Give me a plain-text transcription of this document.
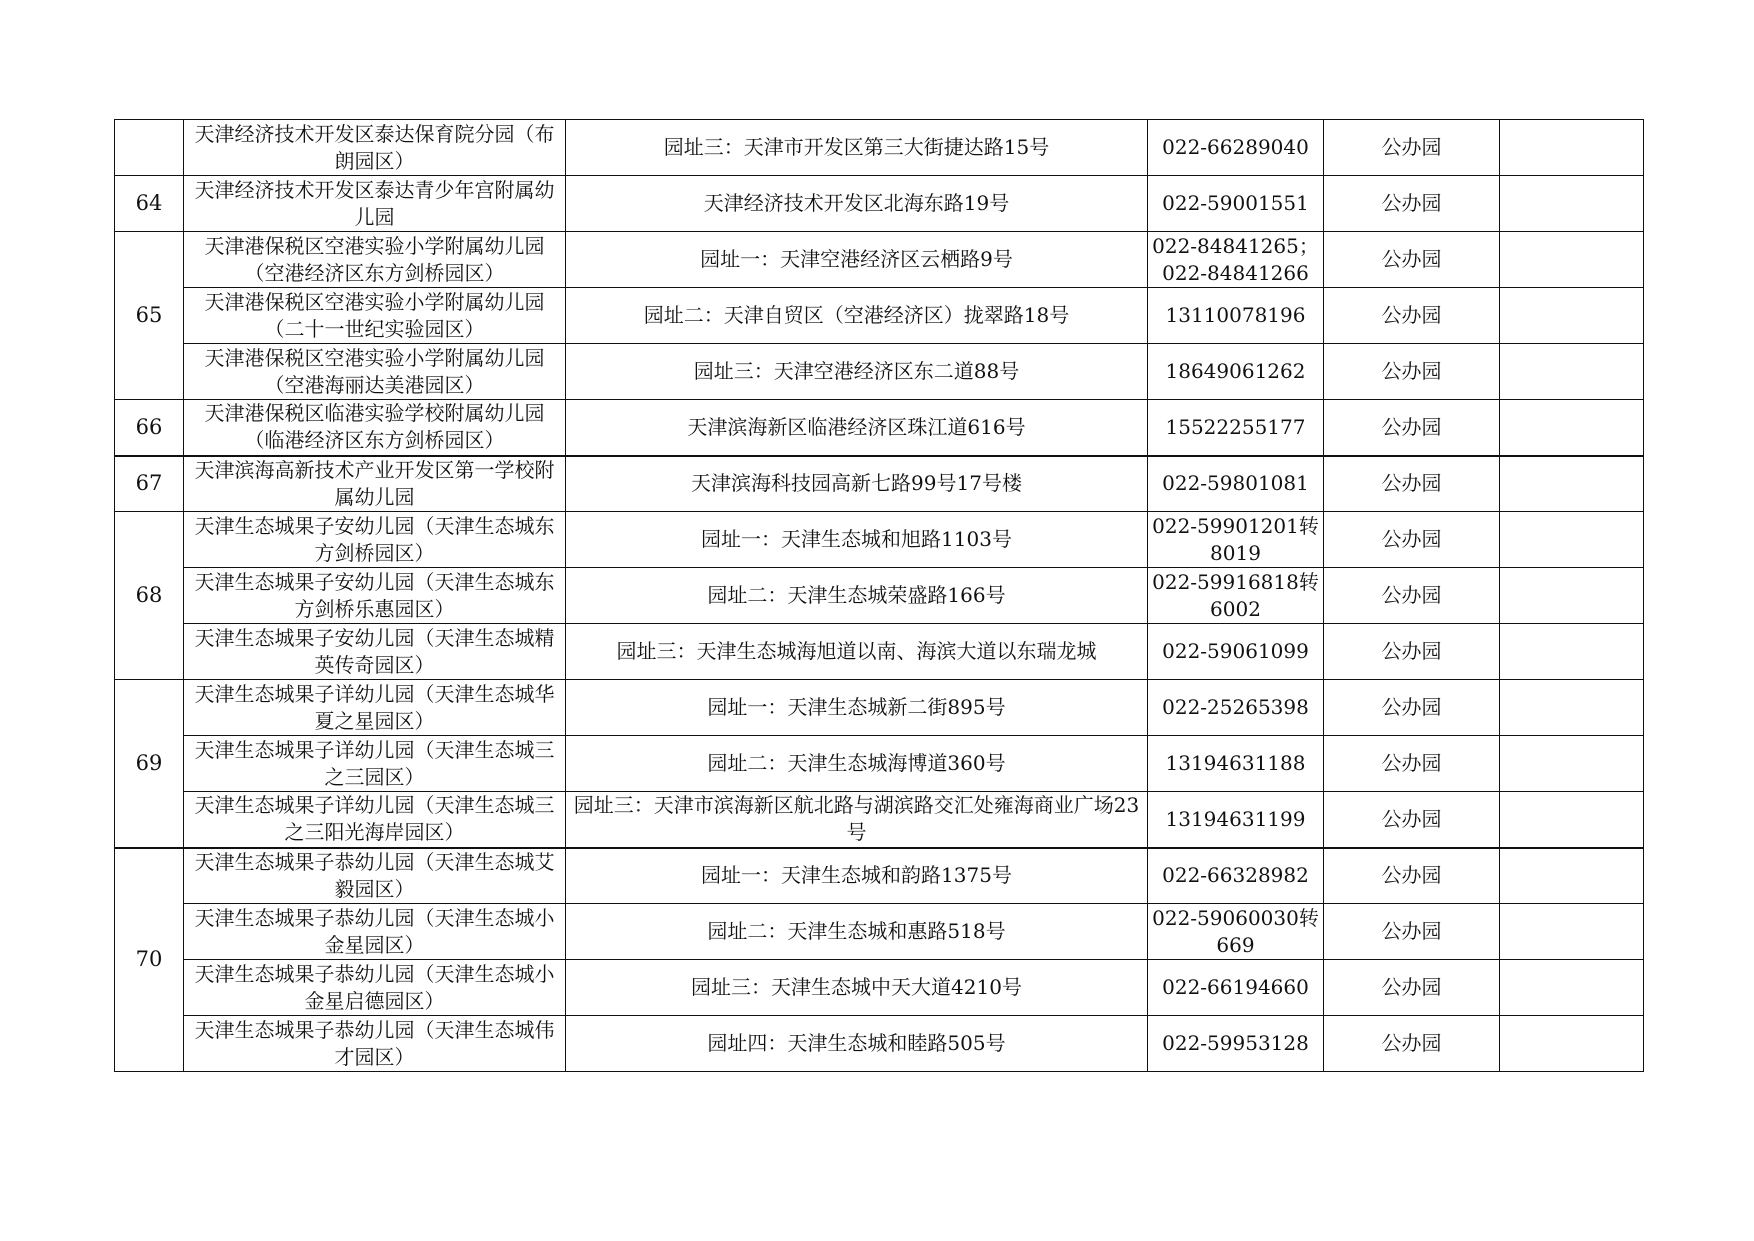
	天津经济技术开发区泰达保育院分园（布朗园区）	园址三：天津市开发区第三大街捷达路15号	022-66289040	公办园	
64	天津经济技术开发区泰达青少年宫附属幼儿园	天津经济技术开发区北海东路19号	022-59001551	公办园	
65	天津港保税区空港实验小学附属幼儿园（空港经济区东方剑桥园区）	园址一：天津空港经济区云栖路9号	022-84841265；022-84841266	公办园	
	天津港保税区空港实验小学附属幼儿园（二十一世纪实验园区）	园址二：天津自贸区（空港经济区）拢翠路18号	13110078196	公办园	
	天津港保税区空港实验小学附属幼儿园（空港海丽达美港园区）	园址三：天津空港经济区东二道88号	18649061262	公办园	
66	天津港保税区临港实验学校附属幼儿园（临港经济区东方剑桥园区）	天津滨海新区临港经济区珠江道616号	15522255177	公办园	
67	天津滨海高新技术产业开发区第一学校附属幼儿园	天津滨海科技园高新七路99号17号楼	022-59801081	公办园	
68	天津生态城果子安幼儿园（天津生态城东方剑桥园区）	园址一：天津生态城和旭路1103号	022-59901201转8019	公办园	
	天津生态城果子安幼儿园（天津生态城东方剑桥乐惠园区）	园址二：天津生态城荣盛路166号	022-59916818转6002	公办园	
	天津生态城果子安幼儿园（天津生态城精英传奇园区）	园址三：天津生态城海旭道以南、海滨大道以东瑞龙城	022-59061099	公办园	
69	天津生态城果子详幼儿园（天津生态城华夏之星园区）	园址一：天津生态城新二街895号	022-25265398	公办园	
	天津生态城果子详幼儿园（天津生态城三之三园区）	园址二：天津生态城海博道360号	13194631188	公办园	
	天津生态城果子详幼儿园（天津生态城三之三阳光海岸园区）	园址三：天津市滨海新区航北路与湖滨路交汇处雍海商业广场23号	13194631199	公办园	
70	天津生态城果子恭幼儿园（天津生态城艾毅园区）	园址一：天津生态城和韵路1375号	022-66328982	公办园	
	天津生态城果子恭幼儿园（天津生态城小金星园区）	园址二：天津生态城和惠路518号	022-59060030转669	公办园	
	天津生态城果子恭幼儿园（天津生态城小金星启德园区）	园址三：天津生态城中天大道4210号	022-66194660	公办园	
	天津生态城果子恭幼儿园（天津生态城伟才园区）	园址四：天津生态城和睦路505号	022-59953128	公办园	
